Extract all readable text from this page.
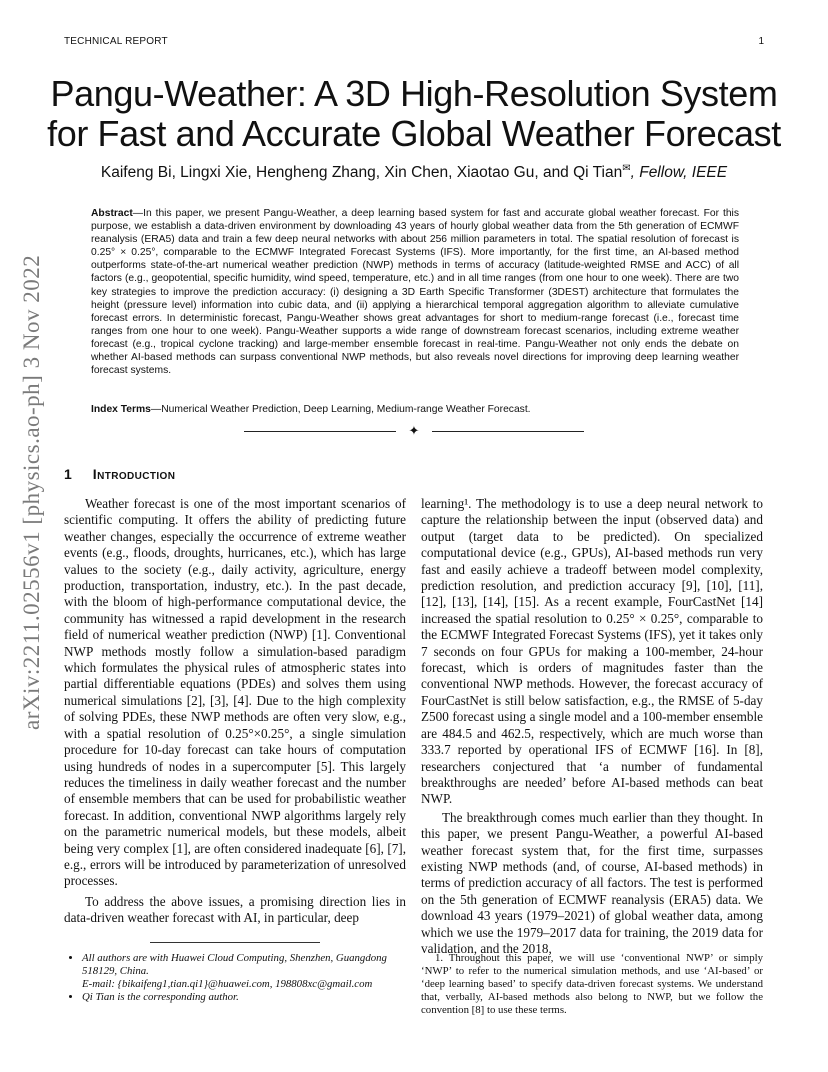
TECHNICAL REPORT	1
arXiv:2211.02556v1 [physics.ao-ph] 3 Nov 2022
Pangu-Weather: A 3D High-Resolution System
for Fast and Accurate Global Weather Forecast
Kaifeng Bi, Lingxi Xie, Hengheng Zhang, Xin Chen, Xiaotao Gu, and Qi Tian✉, Fellow, IEEE
Abstract—In this paper, we present Pangu-Weather, a deep learning based system for fast and accurate global weather forecast. For this purpose, we establish a data-driven environment by downloading 43 years of hourly global weather data from the 5th generation of ECMWF reanalysis (ERA5) data and train a few deep neural networks with about 256 million parameters in total. The spatial resolution of forecast is 0.25° × 0.25°, comparable to the ECMWF Integrated Forecast Systems (IFS). More importantly, for the first time, an AI-based method outperforms state-of-the-art numerical weather prediction (NWP) methods in terms of accuracy (latitude-weighted RMSE and ACC) of all factors (e.g., geopotential, specific humidity, wind speed, temperature, etc.) and in all time ranges (from one hour to one week). There are two key strategies to improve the prediction accuracy: (i) designing a 3D Earth Specific Transformer (3DEST) architecture that formulates the height (pressure level) information into cubic data, and (ii) applying a hierarchical temporal aggregation algorithm to alleviate cumulative forecast errors. In deterministic forecast, Pangu-Weather shows great advantages for short to medium-range forecast (i.e., forecast time ranges from one hour to one week). Pangu-Weather supports a wide range of downstream forecast scenarios, including extreme weather forecast (e.g., tropical cyclone tracking) and large-member ensemble forecast in real-time. Pangu-Weather not only ends the debate on whether AI-based methods can surpass conventional NWP methods, but also reveals novel directions for improving deep learning weather forecast systems.
Index Terms—Numerical Weather Prediction, Deep Learning, Medium-range Weather Forecast.
✦
1 Introduction

Weather forecast is one of the most important scenarios of scientific computing. It offers the ability of predicting future weather changes, especially the occurrence of extreme weather events (e.g., floods, droughts, hurricanes, etc.), which has large values to the society (e.g., daily activity, agriculture, energy production, transportation, industry, etc.). In the past decade, with the bloom of high-performance computational device, the community has witnessed a rapid development in the research field of numerical weather prediction (NWP) [1]. Conventional NWP methods mostly follow a simulation-based paradigm which formulates the physical rules of atmospheric states into partial differentiable equations (PDEs) and solves them using numerical simulations [2], [3], [4]. Due to the high complexity of solving PDEs, these NWP methods are often very slow, e.g., with a spatial resolution of 0.25°×0.25°, a single simulation procedure for 10-day forecast can take hours of computation using hundreds of nodes in a supercomputer [5]. This largely reduces the timeliness in daily weather forecast and the number of ensemble members that can be used for probabilistic weather forecast. In addition, conventional NWP algorithms largely rely on the parametric numerical models, but these models, albeit being very complex [1], are often considered inadequate [6], [7], e.g., errors will be introduced by parameterization of unresolved processes.

To address the above issues, a promising direction lies in data-driven weather forecast with AI, in particular, deep

learning¹. The methodology is to use a deep neural network to capture the relationship between the input (observed data) and output (target data to be predicted). On specialized computational device (e.g., GPUs), AI-based methods run very fast and easily achieve a tradeoff between model complexity, prediction resolution, and prediction accuracy [9], [10], [11], [12], [13], [14], [15]. As a recent example, FourCastNet [14] increased the spatial resolution to 0.25° × 0.25°, comparable to the ECMWF Integrated Forecast Systems (IFS), yet it takes only 7 seconds on four GPUs for making a 100-member, 24-hour forecast, which is orders of magnitudes faster than the conventional NWP methods. However, the forecast accuracy of FourCastNet is still below satisfaction, e.g., the RMSE of 5-day Z500 forecast using a single model and a 100-member ensemble are 484.5 and 462.5, respectively, which are much worse than 333.7 reported by operational IFS of ECMWF [16]. In [8], researchers conjectured that ‘a number of fundamental breakthroughs are needed’ before AI-based methods can beat NWP.

The breakthrough comes much earlier than they thought. In this paper, we present Pangu-Weather, a powerful AI-based weather forecast system that, for the first time, surpasses existing NWP methods (and, of course, AI-based methods) in terms of prediction accuracy of all factors. The test is performed on the 5th generation of ECMWF reanalysis (ERA5) data. We download 43 years (1979–2021) of global weather data, among which we use the 1979–2017 data for training, the 2019 data for validation, and the 2018,

• All authors are with Huawei Cloud Computing, Shenzhen, Guangdong 518129, China.
E-mail: {bikaifeng1,tian.qi1}@huawei.com, 198808xc@gmail.com
• Qi Tian is the corresponding author.

1. Throughout this paper, we will use ‘conventional NWP’ or simply ‘NWP’ to refer to the numerical simulation methods, and use ‘AI-based’ or ‘deep learning based’ to specify data-driven forecast systems. We understand that, verbally, AI-based methods also belong to NWP, but we follow the convention [8] to use these terms.
